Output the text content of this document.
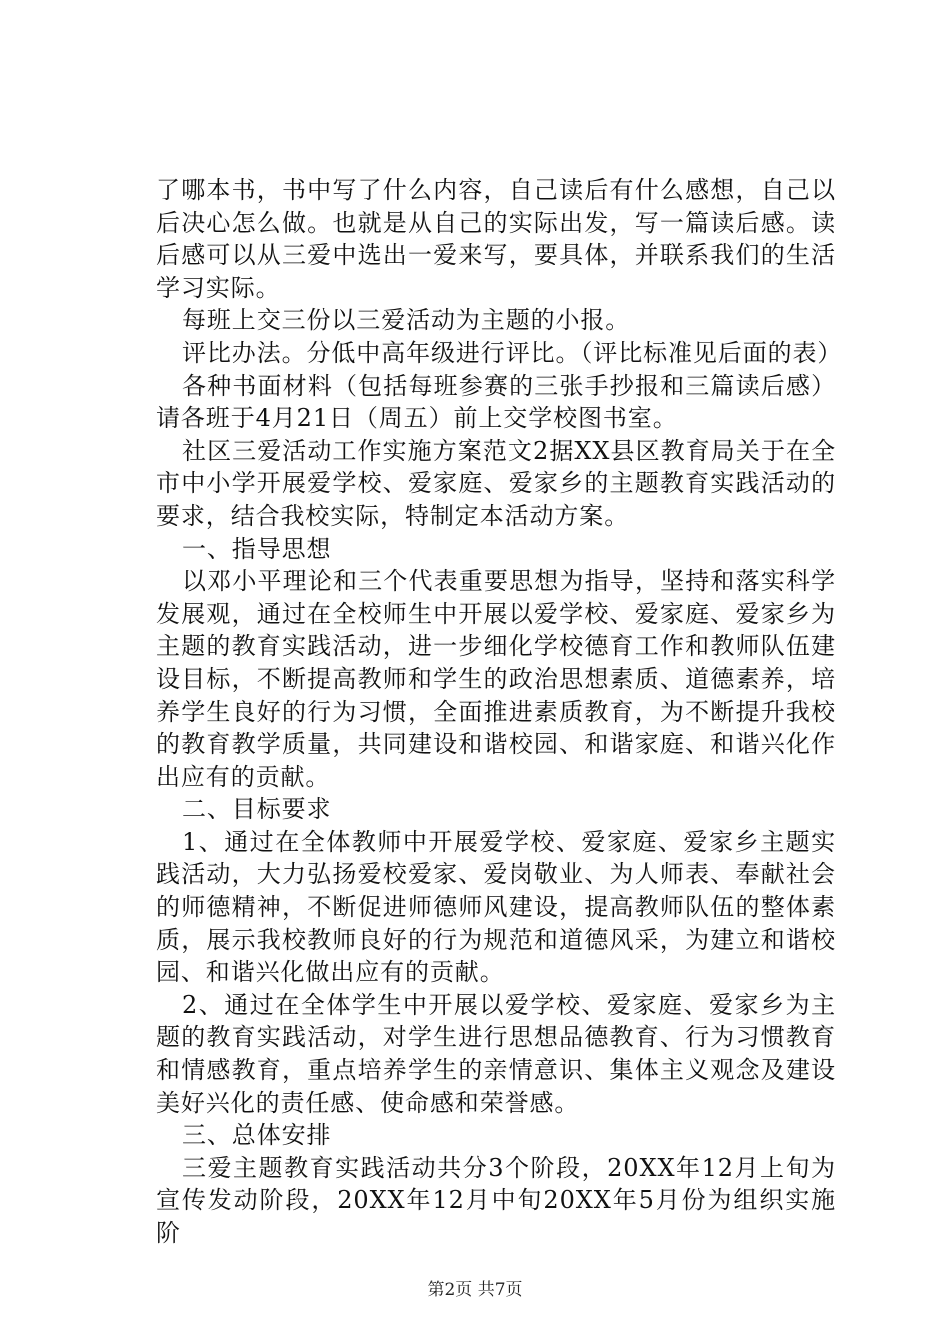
了哪本书，书中写了什么内容，自己读后有什么感想，自己以后决心怎么做。也就是从自己的实际出发，写一篇读后感。读后感可以从三爱中选出一爱来写，要具体，并联系我们的生活学习实际。

每班上交三份以三爱活动为主题的小报。

评比办法。分低中高年级进行评比。（评比标准见后面的表）

各种书面材料（包括每班参赛的三张手抄报和三篇读后感）请各班于4月21日（周五）前上交学校图书室。

社区三爱活动工作实施方案范文2据XX县区教育局关于在全市中小学开展爱学校、爱家庭、爱家乡的主题教育实践活动的要求，结合我校实际，特制定本活动方案。

一、指导思想

以邓小平理论和三个代表重要思想为指导，坚持和落实科学发展观，通过在全校师生中开展以爱学校、爱家庭、爱家乡为主题的教育实践活动，进一步细化学校德育工作和教师队伍建设目标，不断提高教师和学生的政治思想素质、道德素养，培养学生良好的行为习惯，全面推进素质教育，为不断提升我校的教育教学质量，共同建设和谐校园、和谐家庭、和谐兴化作出应有的贡献。

二、目标要求

1、通过在全体教师中开展爱学校、爱家庭、爱家乡主题实践活动，大力弘扬爱校爱家、爱岗敬业、为人师表、奉献社会的师德精神，不断促进师德师风建设，提高教师队伍的整体素质，展示我校教师良好的行为规范和道德风采，为建立和谐校园、和谐兴化做出应有的贡献。

2、通过在全体学生中开展以爱学校、爱家庭、爱家乡为主题的教育实践活动，对学生进行思想品德教育、行为习惯教育和情感教育，重点培养学生的亲情意识、集体主义观念及建设美好兴化的责任感、使命感和荣誉感。

三、总体安排

三爱主题教育实践活动共分3个阶段，20XX年12月上旬为宣传发动阶段，20XX年12月中旬20XX年5月份为组织实施阶

第2页 共7页
